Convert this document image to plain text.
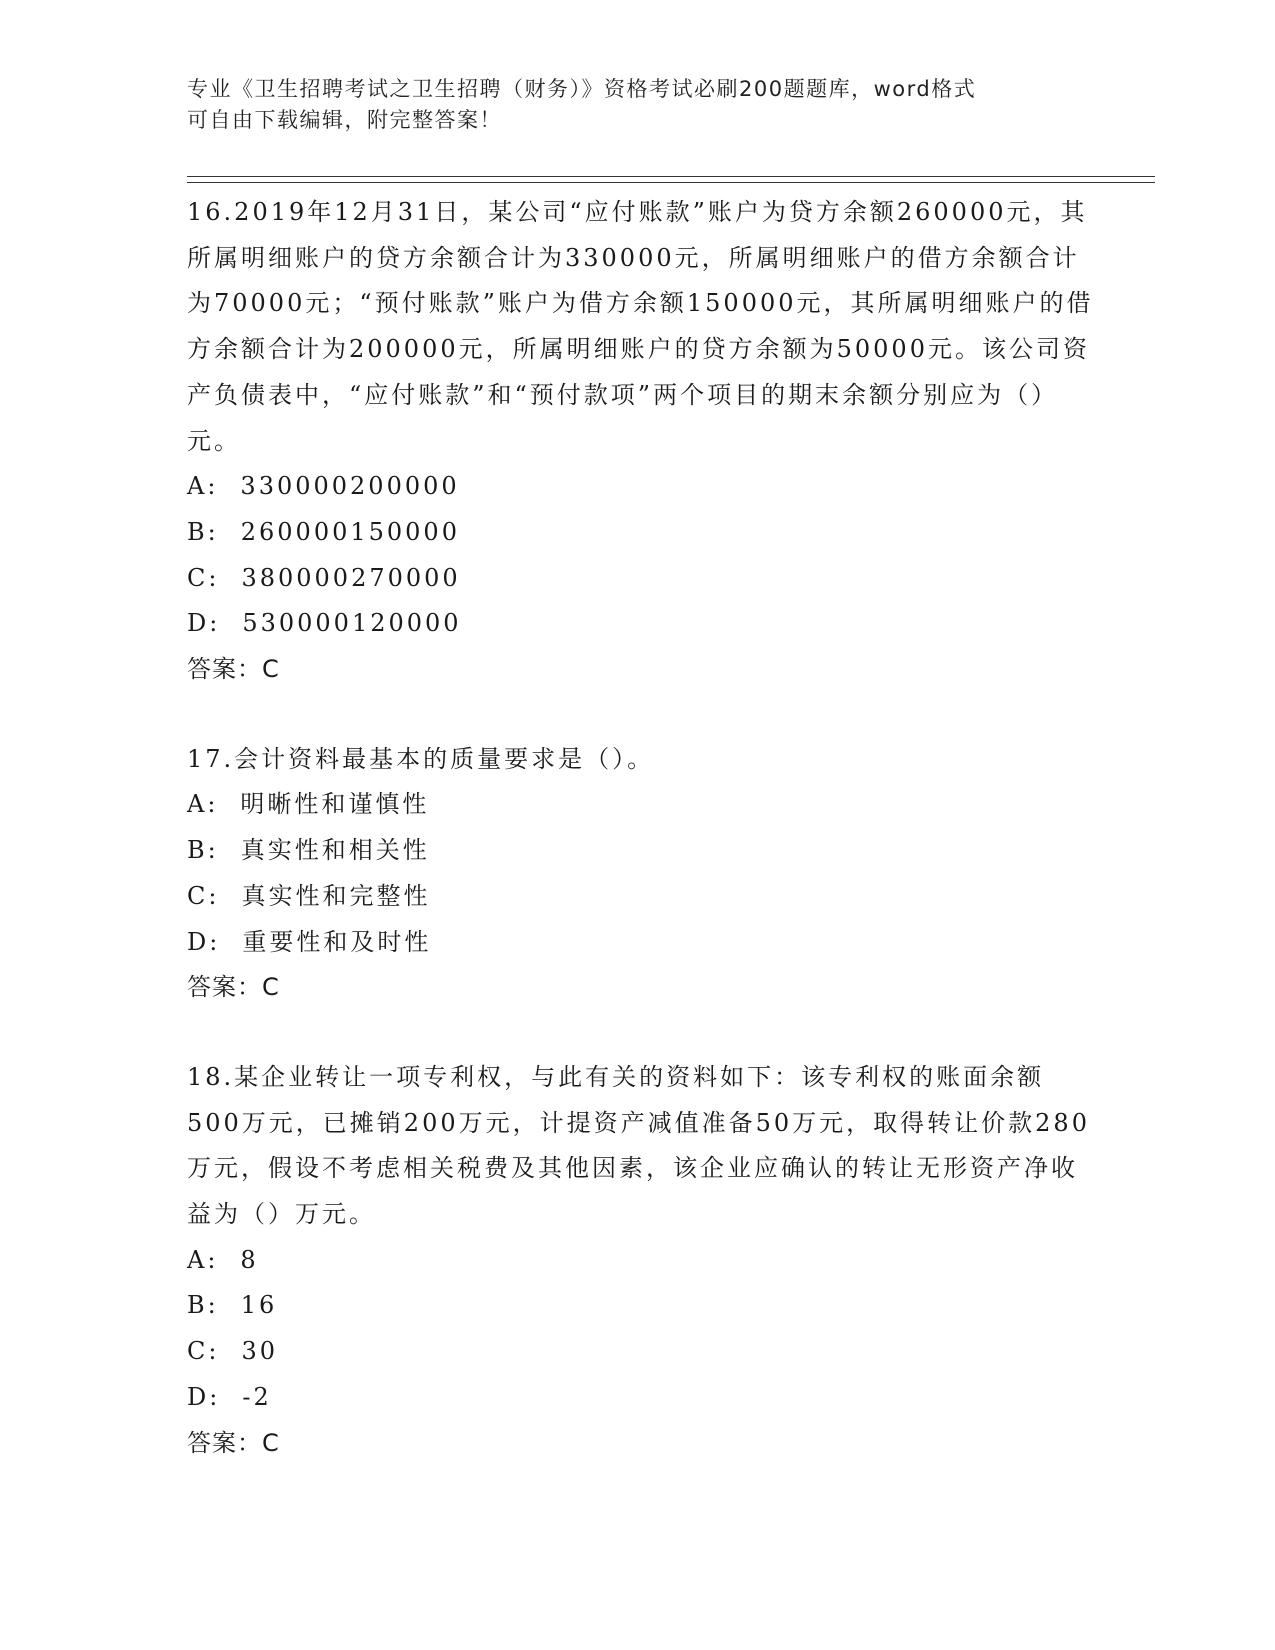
专业《卫生招聘考试之卫生招聘（财务）》资格考试必刷200题题库，word格式
可自由下载编辑，附完整答案！

16.2019年12月31日，某公司“应付账款”账户为贷方余额260000元，其所属明细账户的贷方余额合计为330000元，所属明细账户的借方余额合计为70000元；“预付账款”账户为借方余额150000元，其所属明细账户的借方余额合计为200000元，所属明细账户的贷方余额为50000元。该公司资产负债表中，“应付账款”和“预付款项”两个项目的期末余额分别应为（）元。

A: 330000200000
B: 260000150000
C: 380000270000
D: 530000120000
答案：C

17.会计资料最基本的质量要求是（）。

A: 明晰性和谨慎性
B: 真实性和相关性
C: 真实性和完整性
D: 重要性和及时性
答案：C

18.某企业转让一项专利权，与此有关的资料如下：该专利权的账面余额500万元，已摊销200万元，计提资产减值准备50万元，取得转让价款280万元，假设不考虑相关税费及其他因素，该企业应确认的转让无形资产净收益为（）万元。

A: 8
B: 16
C: 30
D: -2
答案：C
